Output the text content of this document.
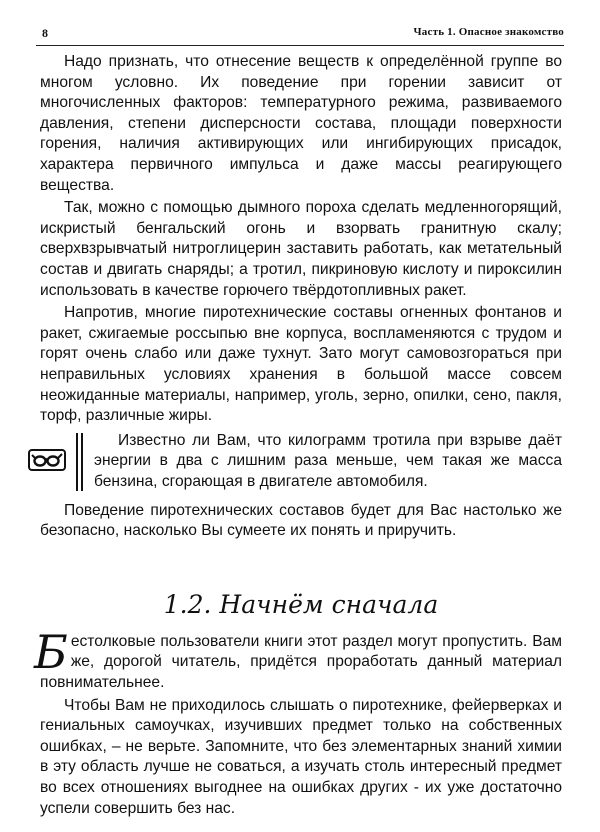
8	Часть 1. Опасное знакомство

Надо признать, что отнесение веществ к определённой группе во многом условно. Их поведение при горении зависит от многочисленных факторов: температурного режима, развиваемого давления, степени дисперсности состава, площади поверхности горения, наличия активирующих или ингибирующих присадок, характера первичного импульса и даже массы реагирующего вещества.

Так, можно с помощью дымного пороха сделать медленногорящий, искристый бенгальский огонь и взорвать гранитную скалу; сверхвзрывчатый нитроглицерин заставить работать, как метательный состав и двигать снаряды; а тротил, пикриновую кислоту и пироксилин использовать в качестве горючего твёрдотопливных ракет.

Напротив, многие пиротехнические составы огненных фонтанов и ракет, сжигаемые россыпью вне корпуса, воспламеняются с трудом и горят очень слабо или даже тухнут. Зато могут самовозгораться при неправильных условиях хранения в большой массе совсем неожиданные материалы, например, уголь, зерно, опилки, сено, пакля, торф, различные жиры.

Известно ли Вам, что килограмм тротила при взрыве даёт энергии в два с лишним раза меньше, чем такая же масса бензина, сгорающая в двигателе автомобиля.

Поведение пиротехнических составов будет для Вас настолько же безопасно, насколько Вы сумеете их понять и приручить.

1.2. Начнём сначала

Бестолковые пользователи книги этот раздел могут пропустить. Вам же, дорогой читатель, придётся проработать данный материал повнимательнее.

Чтобы Вам не приходилось слышать о пиротехнике, фейерверках и гениальных самоучках, изучивших предмет только на собственных ошибках, – не верьте. Запомните, что без элементарных знаний химии в эту область лучше не соваться, а изучать столь интересный предмет во всех отношениях выгоднее на ошибках других - их уже достаточно успели совершить без нас.
